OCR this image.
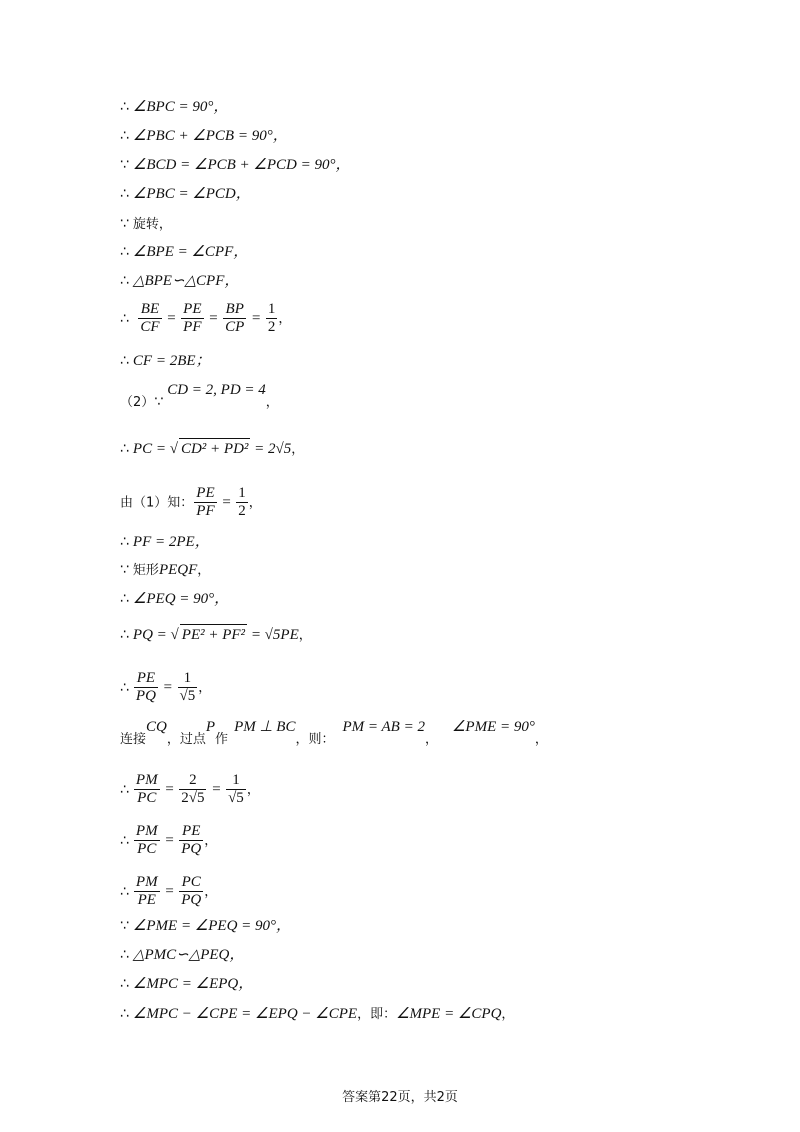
∴ ∠BPC = 90°，
∴ ∠PBC + ∠PCB = 90°，
∵ ∠BCD = ∠PCB + ∠PCD = 90°，
∴ ∠PBC = ∠PCD，
∵ 旋转，
∴ ∠BPE = ∠CPF，
∴ △BPE∽△CPF，
∴ $\frac{BE}{CF} = \frac{PE}{PF} = \frac{BP}{CP} = \frac{1}{2}$ ，
∴ CF = 2BE；
（2）∵CD = 2, PD = 4，
∴ PC = √ CD² + PD² = 2√5，
由（1）知： $\frac{PE}{PF} = \frac{1}{2}$ ，
∴ PF = 2PE，
∵ 矩形PEQF，
∴ ∠PEQ = 90°，
∴ PQ = √ PE² + PF² = √5PE，
∴ $\frac{PE}{PQ} = \frac{1}{√5}$ ，
连接CQ，过点P作PM ⊥ BC，则：PM = AB = 2，∠PME = 90°，
∴ $\frac{PM}{PC} = \frac{2}{2√5} = \frac{1}{√5}$ ，
∴ $\frac{PM}{PC} = \frac{PE}{PQ}$ ，
∴ $\frac{PM}{PE} = \frac{PC}{PQ}$ ，
∵ ∠PME = ∠PEQ = 90°，
∴ △PMC∽△PEQ，
∴ ∠MPC = ∠EPQ，
∴ ∠MPC − ∠CPE = ∠EPQ − ∠CPE，即：∠MPE = ∠CPQ，
答案第22页，共2页
